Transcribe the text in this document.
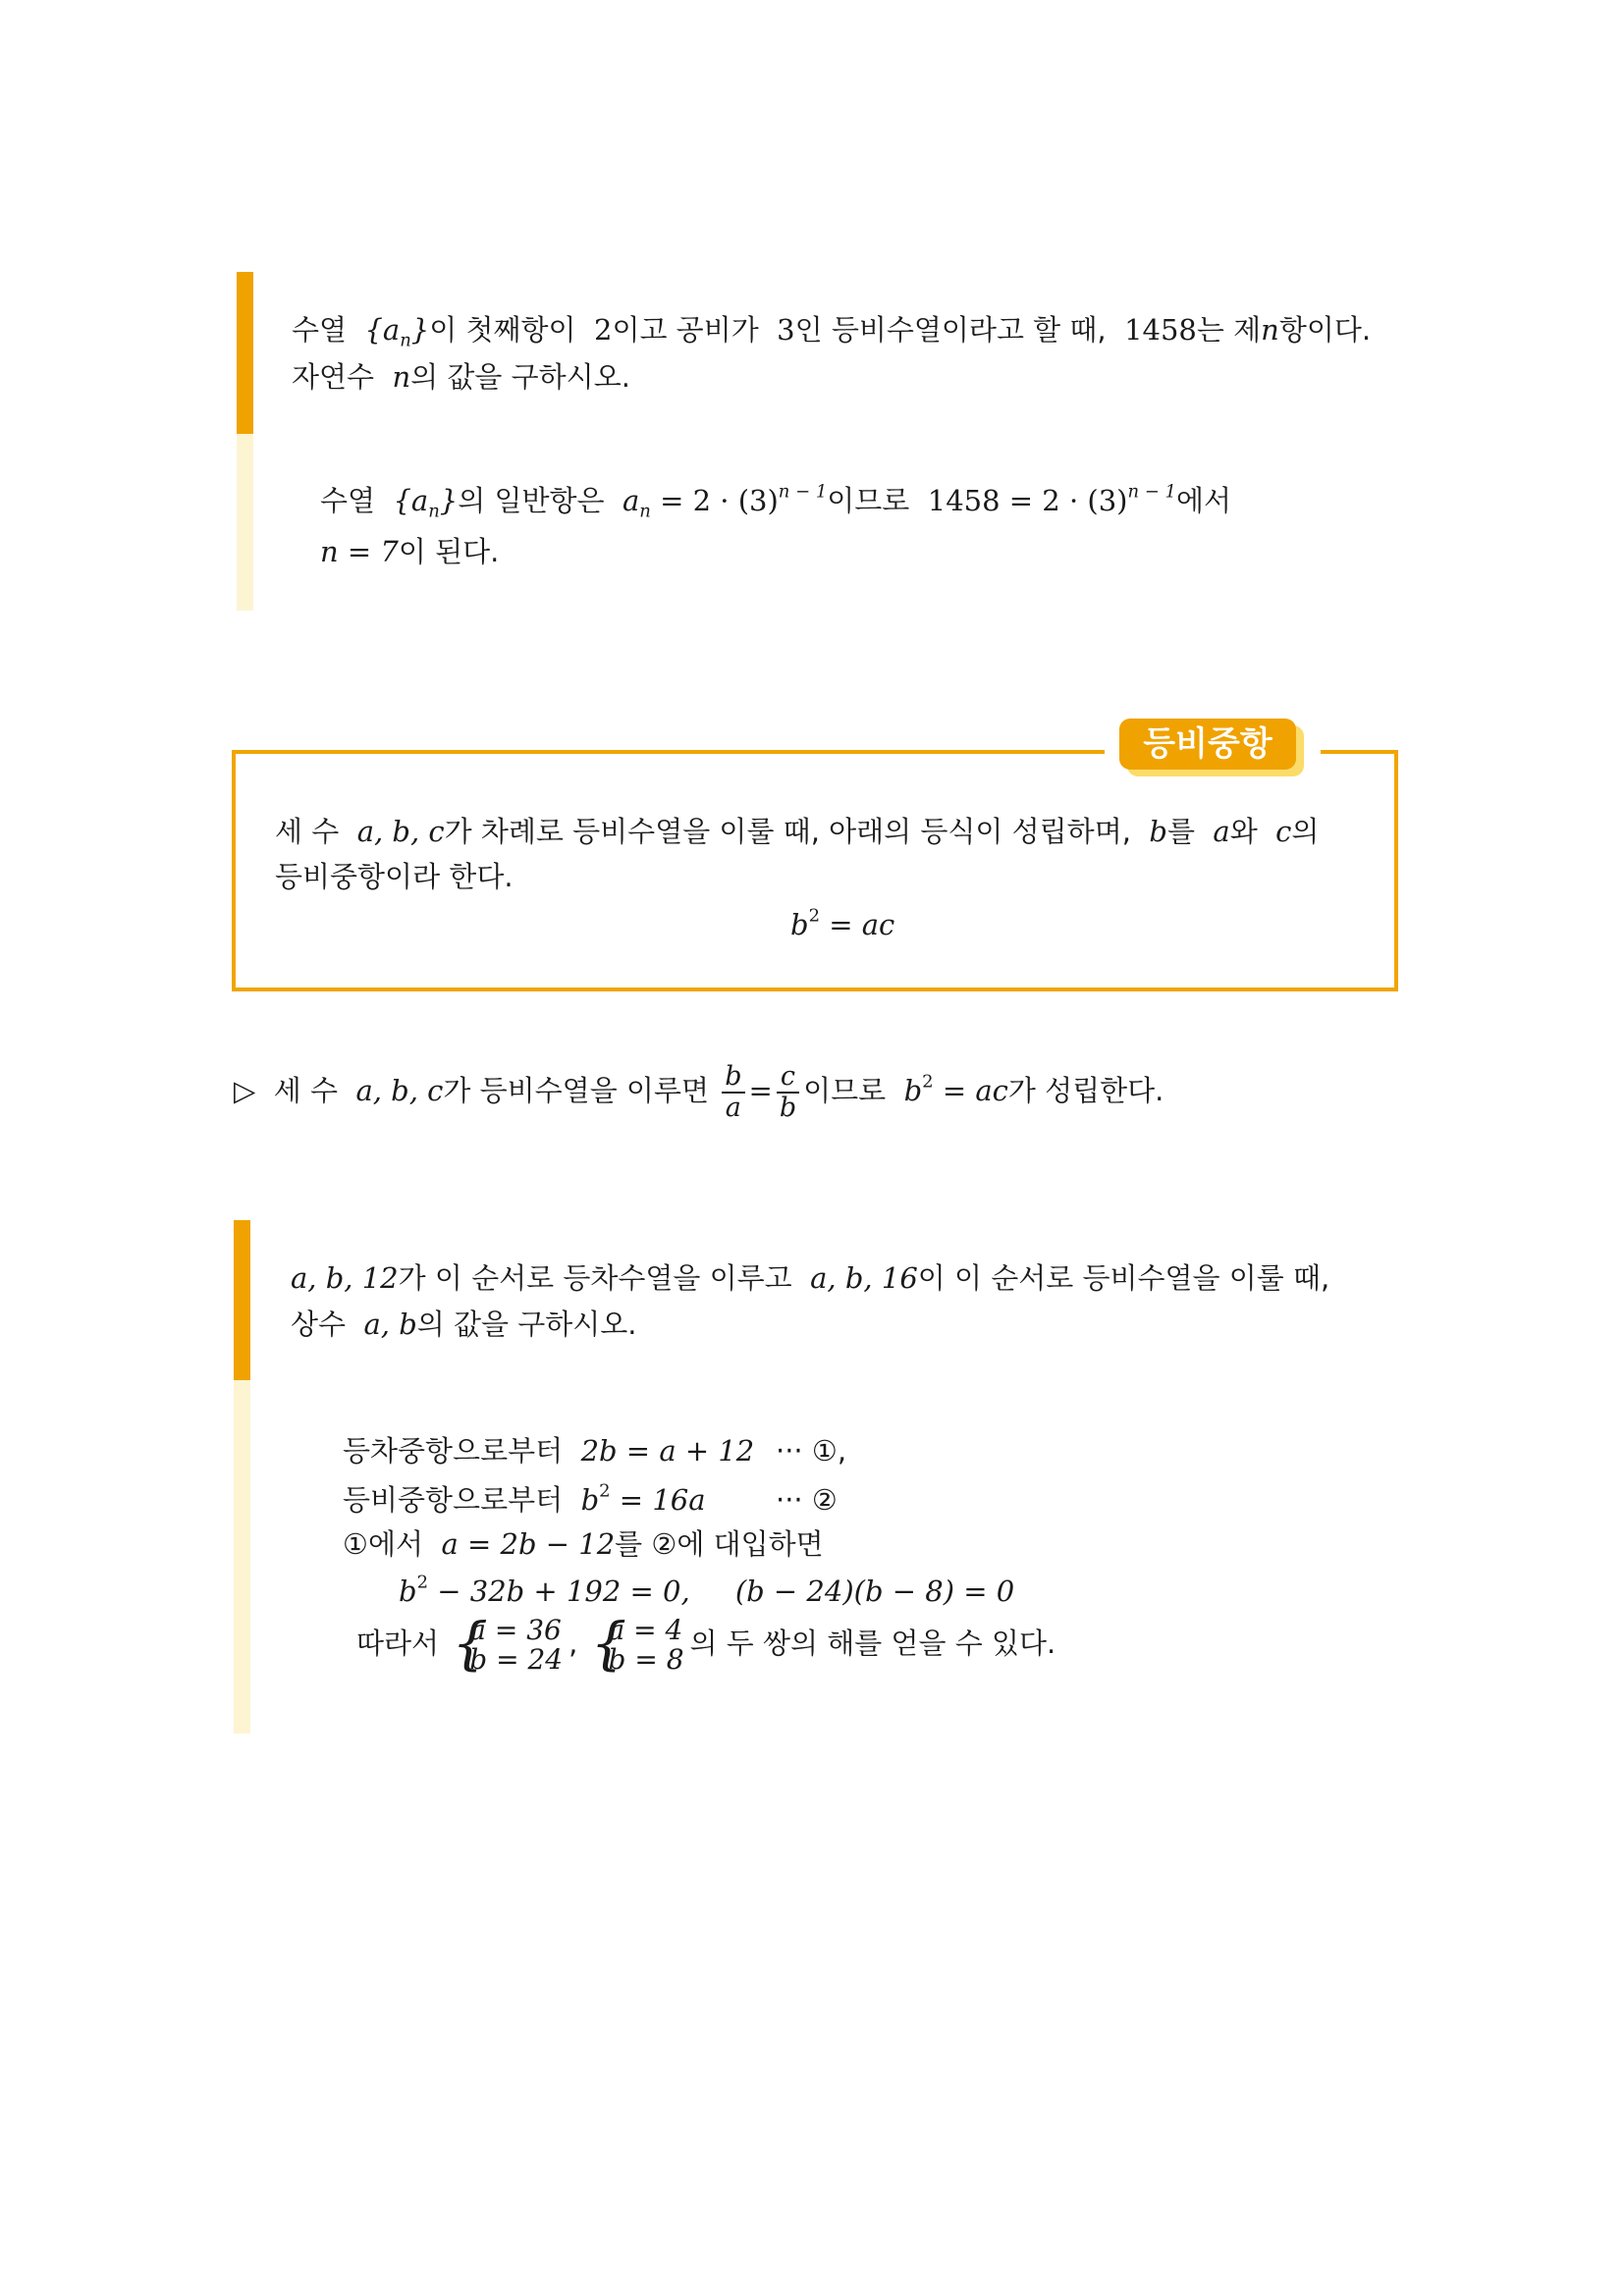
수열 $\{a_n\}$이 첫째항이 2이고 공비가 3인 등비수열이라고 할 때, 1458는 제n항이다.
자연수 n의 값을 구하시오.
수열 $\{a_n\}$의 일반항은 $a_n = 2 \cdot (3)^{n - 1}$이므로 $1458 = 2 \cdot (3)^{n - 1}$에서
n = 7이 된다.
등비중항
세 수 a, b, c가 차례로 등비수열을 이룰 때, 아래의 등식이 성립하며, b를 a와 c의
등비중항이라 한다.
$b^2$ = ac
▷ 세 수 a, b, c가 등비수열을 이루면 $\frac{b}{a} = \frac{c}{b}$ 이므로 $b^2$ = ac가 성립한다.
a, b, 12가 이 순서로 등차수열을 이루고 a, b, 16이 이 순서로 등비수열을 이룰 때,
상수 a, b의 값을 구하시오.
등차중항으로부터 2b = a + 12 ··· ①,
등비중항으로부터 $b^2 = 16a$ ··· ②
①에서 a = 2b − 12를 ②에 대입하면
$b^2 - 32b + 192 = 0$, (b − 24)(b − 8) = 0
따라서 {
a = 36
b = 24 , {
a = 4
b = 8 의 두 쌍의 해를 얻을 수 있다.
